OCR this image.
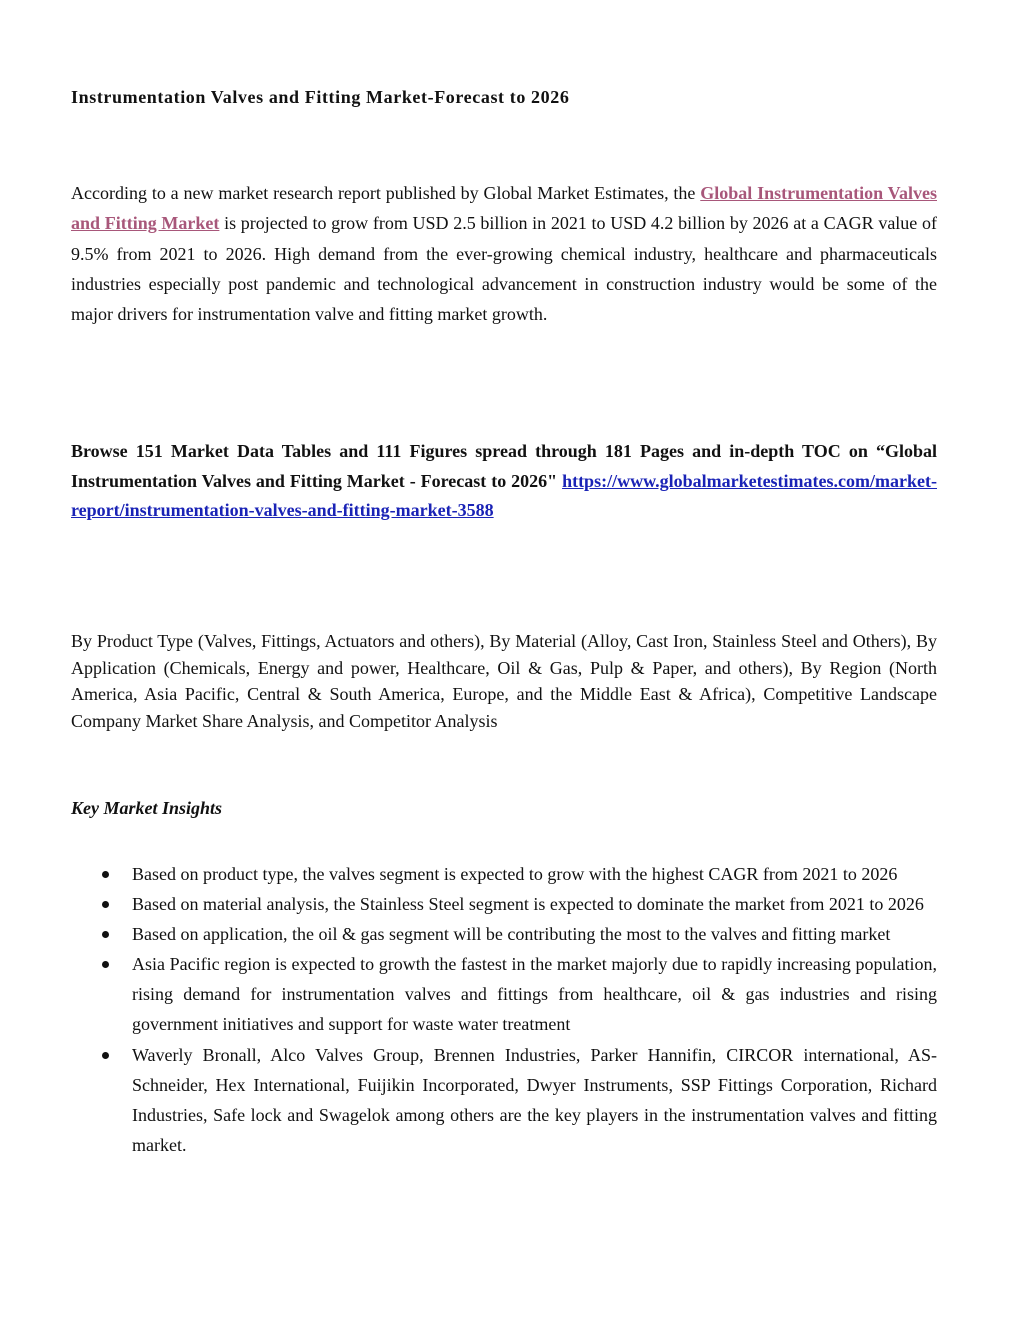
Instrumentation Valves and Fitting Market-Forecast to 2026

According to a new market research report published by Global Market Estimates, the Global Instrumentation Valves and Fitting Market is projected to grow from USD 2.5 billion in 2021 to USD 4.2 billion by 2026 at a CAGR value of 9.5% from 2021 to 2026. High demand from the ever-growing chemical industry, healthcare and pharmaceuticals industries especially post pandemic and technological advancement in construction industry would be some of the major drivers for instrumentation valve and fitting market growth.

Browse 151 Market Data Tables and 111 Figures spread through 181 Pages and in-depth TOC on “Global Instrumentation Valves and Fitting Market - Forecast to 2026" https://www.globalmarketestimates.com/market-report/instrumentation-valves-and-fitting-market-3588

By Product Type (Valves, Fittings, Actuators and others), By Material (Alloy, Cast Iron, Stainless Steel and Others), By Application (Chemicals, Energy and power, Healthcare, Oil & Gas, Pulp & Paper, and others), By Region (North America, Asia Pacific, Central & South America, Europe, and the Middle East & Africa), Competitive Landscape Company Market Share Analysis, and Competitor Analysis

Key Market Insights
Based on product type, the valves segment is expected to grow with the highest CAGR from 2021 to 2026
Based on material analysis, the Stainless Steel segment is expected to dominate the market from 2021 to 2026
Based on application, the oil & gas segment will be contributing the most to the valves and fitting market
Asia Pacific region is expected to growth the fastest in the market majorly due to rapidly increasing population, rising demand for instrumentation valves and fittings from healthcare, oil & gas industries and rising government initiatives and support for waste water treatment
Waverly Bronall, Alco Valves Group, Brennen Industries, Parker Hannifin, CIRCOR international, AS-Schneider, Hex International, Fuijikin Incorporated, Dwyer Instruments, SSP Fittings Corporation, Richard Industries, Safe lock and Swagelok among others are the key players in the instrumentation valves and fitting market.
